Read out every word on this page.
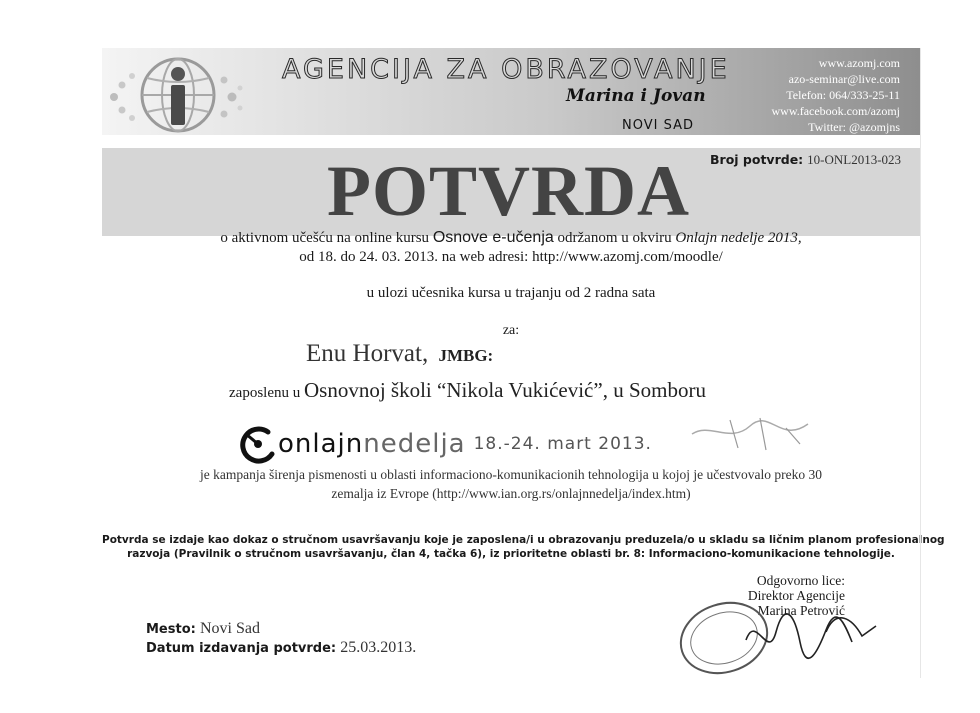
AGENCIJA ZA OBRAZOVANJE
Marina i Jovan
NOVI SAD
www.azomj.com
azo-seminar@live.com
Telefon: 064/333-25-11
www.facebook.com/azomj
Twitter: @azomjns
POTVRDA Broj potvrde: 10-ONL2013-023
o aktivnom učešću na online kursu Osnove e-učenja održanom u okviru Onlajn nedelje 2013,
od 18. do 24. 03. 2013. na web adresi: http://www.azomj.com/moodle/
u ulozi učesnika kursa u trajanju od 2 radna sata
za:
Enu Horvat, JMBG:
zaposlenu u Osnovnoj školi “Nikola Vukićević”, u Somboru
onlajnnedelja 18.-24. mart 2013.
je kampanja širenja pismenosti u oblasti informaciono-komunikacionih tehnologija u kojoj je učestvovalo preko 30
zemalja iz Evrope (http://www.ian.org.rs/onlajnnedelja/index.htm)
Potvrda se izdaje kao dokaz o stručnom usavršavanju koje je zaposlena/i u obrazovanju preduzela/o u skladu sa ličnim planom profesionalnog
razvoja (Pravilnik o stručnom usavršavanju, član 4, tačka 6), iz prioritetne oblasti br. 8: Informaciono-komunikacione tehnologije.
Odgovorno lice:
Direktor Agencije
Marina Petrović
Mesto: Novi Sad
Datum izdavanja potvrde: 25.03.2013.
